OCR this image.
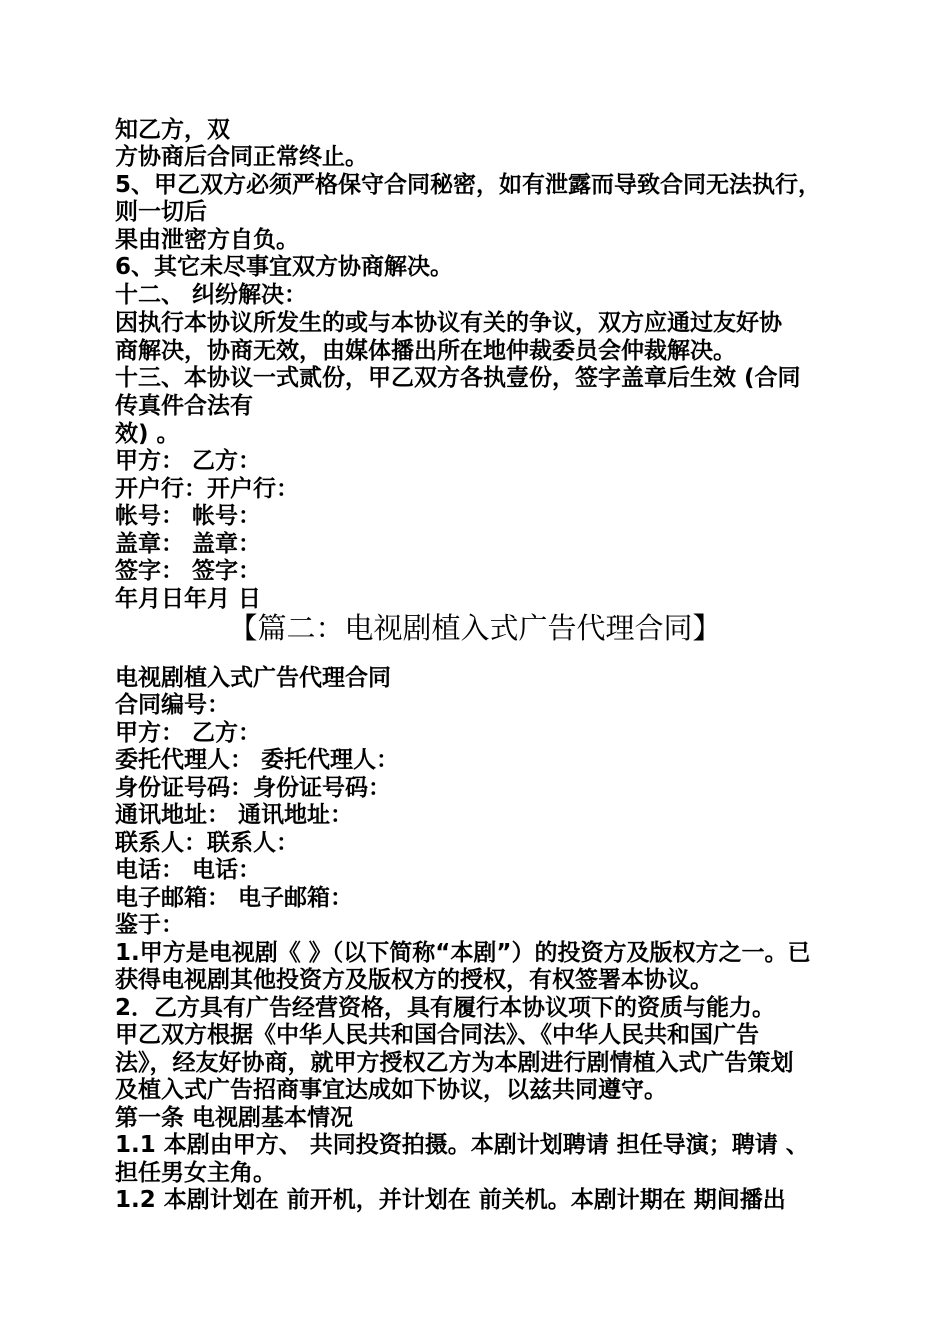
知乙方，双
方协商后合同正常终止。
5、甲乙双方必须严格保守合同秘密，如有泄露而导致合同无法执行，
则一切后
果由泄密方自负。
6、其它未尽事宜双方协商解决。
十二、 纠纷解决：
因执行本协议所发生的或与本协议有关的争议，双方应通过友好协
商解决，协商无效，由媒体播出所在地仲裁委员会仲裁解决。
十三、本协议一式贰份，甲乙双方各执壹份，签字盖章后生效 (合同
传真件合法有
效) 。
甲方： 乙方：
开户行：开户行：
帐号： 帐号：
盖章： 盖章：
签字： 签字：
年月日年月 日
【篇二：电视剧植入式广告代理合同】
电视剧植入式广告代理合同
合同编号：
甲方： 乙方：
委托代理人： 委托代理人：
身份证号码：身份证号码：
通讯地址： 通讯地址：
联系人：联系人：
电话： 电话：
电子邮箱： 电子邮箱：
鉴于：
1.甲方是电视剧《 》（以下简称“本剧”）的投资方及版权方之一。已
获得电视剧其他投资方及版权方的授权，有权签署本协议。
2．乙方具有广告经营资格，具有履行本协议项下的资质与能力。
甲乙双方根据《中华人民共和国合同法》、《中华人民共和国广告
法》，经友好协商，就甲方授权乙方为本剧进行剧情植入式广告策划
及植入式广告招商事宜达成如下协议，以兹共同遵守。
第一条 电视剧基本情况
1.1 本剧由甲方、 共同投资拍摄。本剧计划聘请 担任导演；聘请 、
担任男女主角。
1.2 本剧计划在 前开机，并计划在 前关机。本剧计期在 期间播出
